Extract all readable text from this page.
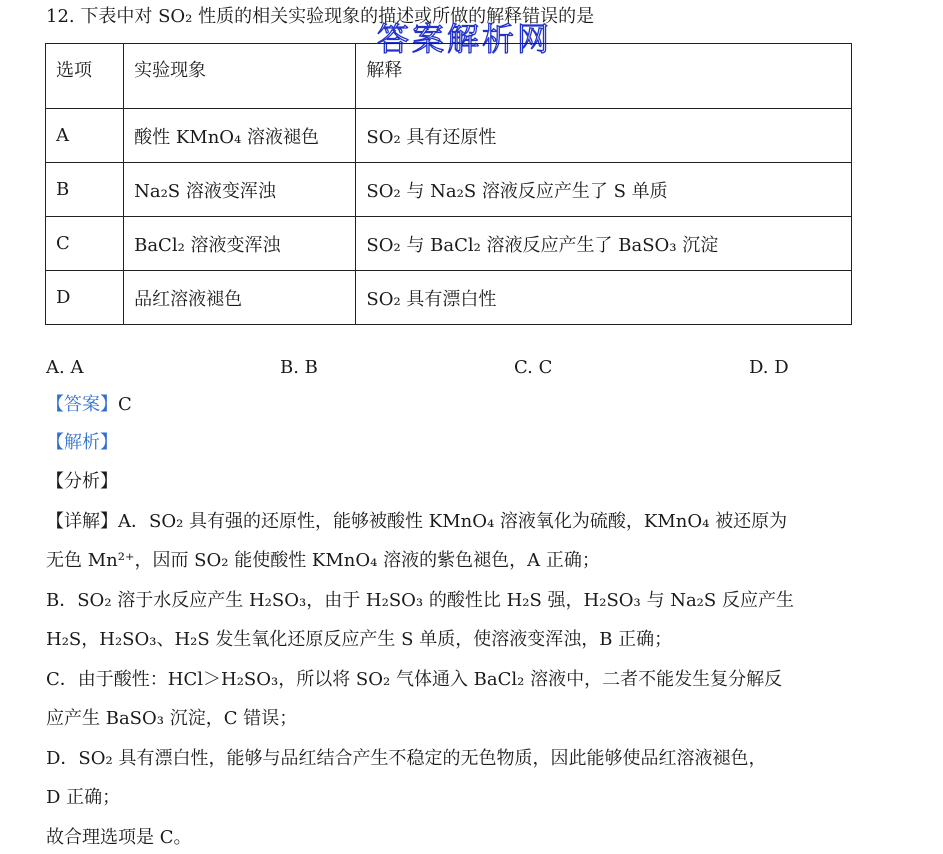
12. 下表中对 SO₂ 性质的相关实验现象的描述或所做的解释错误的是
答案解析网
选项	实验现象	解释
A	酸性 KMnO₄ 溶液褪色	SO₂ 具有还原性
B	Na₂S 溶液变浑浊	SO₂ 与 Na₂S 溶液反应产生了 S 单质
C	BaCl₂ 溶液变浑浊	SO₂ 与 BaCl₂ 溶液反应产生了 BaSO₃ 沉淀
D	品红溶液褪色	SO₂ 具有漂白性
A. A	B. B	C. C	D. D
【答案】C
【解析】
【分析】
【详解】A．SO₂ 具有强的还原性，能够被酸性 KMnO₄ 溶液氧化为硫酸，KMnO₄ 被还原为
无色 Mn²⁺，因而 SO₂ 能使酸性 KMnO₄ 溶液的紫色褪色，A 正确；
B．SO₂ 溶于水反应产生 H₂SO₃，由于 H₂SO₃ 的酸性比 H₂S 强，H₂SO₃ 与 Na₂S 反应产生
H₂S，H₂SO₃、H₂S 发生氧化还原反应产生 S 单质，使溶液变浑浊，B 正确；
C．由于酸性：HCl＞H₂SO₃，所以将 SO₂ 气体通入 BaCl₂ 溶液中，二者不能发生复分解反
应产生 BaSO₃ 沉淀，C 错误；
D．SO₂ 具有漂白性，能够与品红结合产生不稳定的无色物质，因此能够使品红溶液褪色，
D 正确；
故合理选项是 C。
